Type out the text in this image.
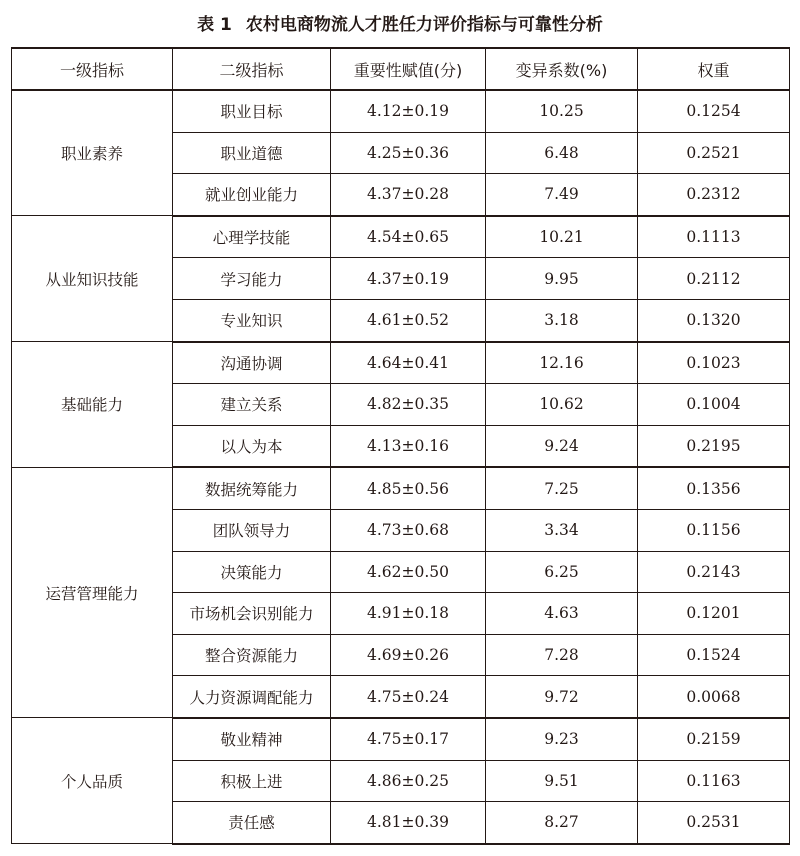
表 1 农村电商物流人才胜任力评价指标与可靠性分析
一级指标	二级指标	重要性赋值(分)	变异系数(%)	权重
职业素养	职业目标	4.12±0.19	10.25	0.1254
	职业道德	4.25±0.36	6.48	0.2521
	就业创业能力	4.37±0.28	7.49	0.2312
从业知识技能	心理学技能	4.54±0.65	10.21	0.1113
	学习能力	4.37±0.19	9.95	0.2112
	专业知识	4.61±0.52	3.18	0.1320
基础能力	沟通协调	4.64±0.41	12.16	0.1023
	建立关系	4.82±0.35	10.62	0.1004
	以人为本	4.13±0.16	9.24	0.2195
运营管理能力	数据统筹能力	4.85±0.56	7.25	0.1356
	团队领导力	4.73±0.68	3.34	0.1156
	决策能力	4.62±0.50	6.25	0.2143
	市场机会识别能力	4.91±0.18	4.63	0.1201
	整合资源能力	4.69±0.26	7.28	0.1524
	人力资源调配能力	4.75±0.24	9.72	0.0068
个人品质	敬业精神	4.75±0.17	9.23	0.2159
	积极上进	4.86±0.25	9.51	0.1163
	责任感	4.81±0.39	8.27	0.2531
